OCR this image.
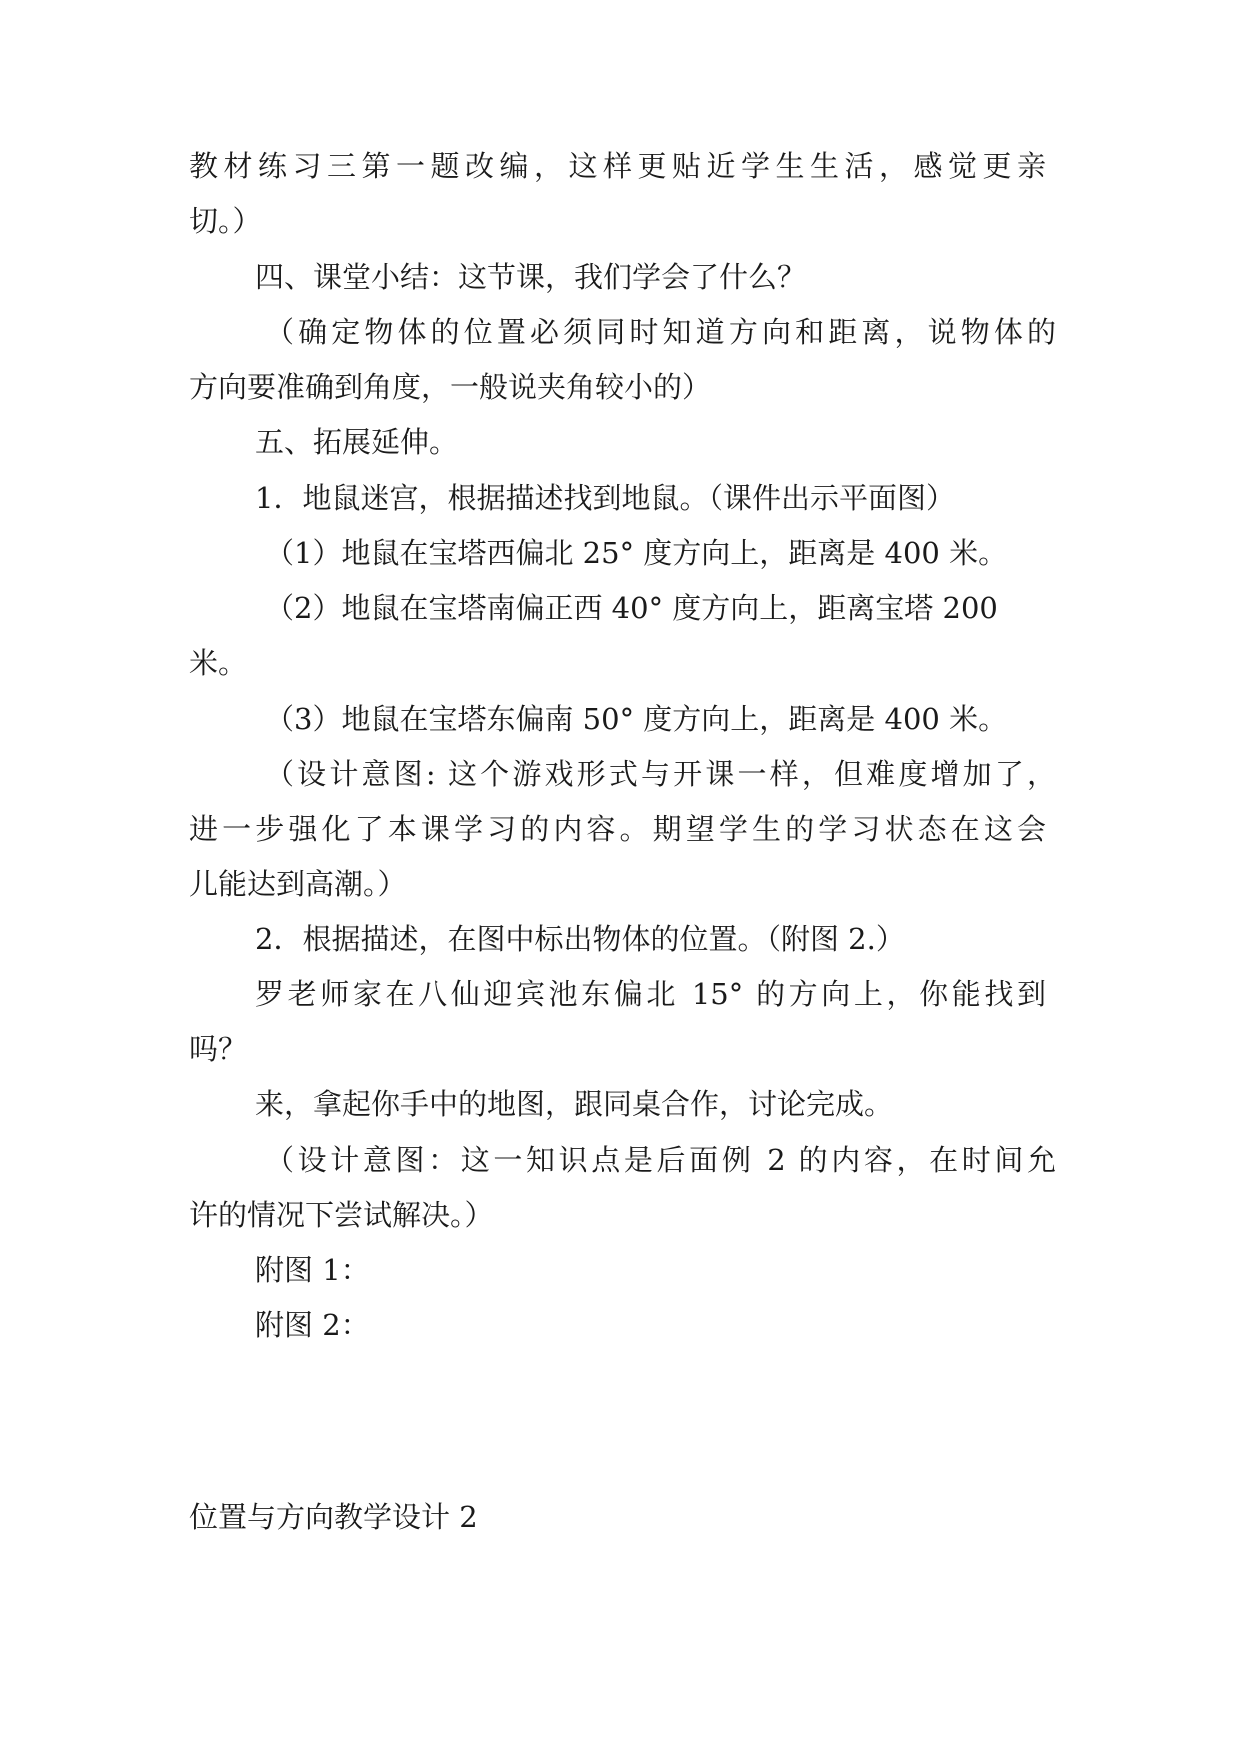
教材练习三第一题改编，这样更贴近学生生活，感觉更亲
切。）
四、课堂小结：这节课，我们学会了什么？
（确定物体的位置必须同时知道方向和距离，说物体的
方向要准确到角度，一般说夹角较小的）
五、拓展延伸。
1．地鼠迷宫，根据描述找到地鼠。（课件出示平面图）
（1）地鼠在宝塔西偏北 25° 度方向上，距离是 400 米。
（2）地鼠在宝塔南偏正西 40° 度方向上，距离宝塔 200
米。
（3）地鼠在宝塔东偏南 50° 度方向上，距离是 400 米。
（设计意图: 这个游戏形式与开课一样，但难度增加了，
进一步强化了本课学习的内容。期望学生的学习状态在这会
儿能达到高潮。）
2．根据描述，在图中标出物体的位置。（附图 2.）
罗老师家在八仙迎宾池东偏北 15° 的方向上，你能找到
吗？
来，拿起你手中的地图，跟同桌合作，讨论完成。
（设计意图：这一知识点是后面例 2 的内容，在时间允
许的情况下尝试解决。）
附图 1：
附图 2：
位置与方向教学设计 2
